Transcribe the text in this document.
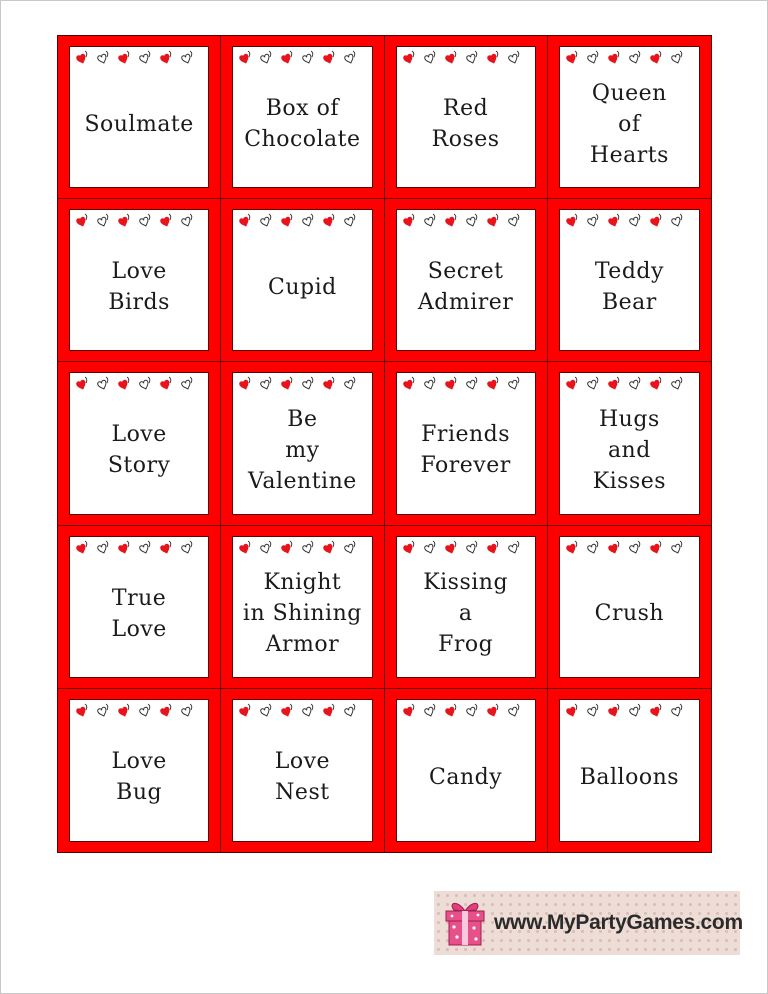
Soulmate
Box of
Chocolate
Red
Roses
Queen
of
Hearts
Love
Birds
Cupid
Secret
Admirer
Teddy
Bear
Love
Story
Be
my
Valentine
Friends
Forever
Hugs
and
Kisses
True
Love
Knight
in Shining
Armor
Kissing
a
Frog
Crush
Love
Bug
Love
Nest
Candy	Balloons
www.MyPartyGames.com
